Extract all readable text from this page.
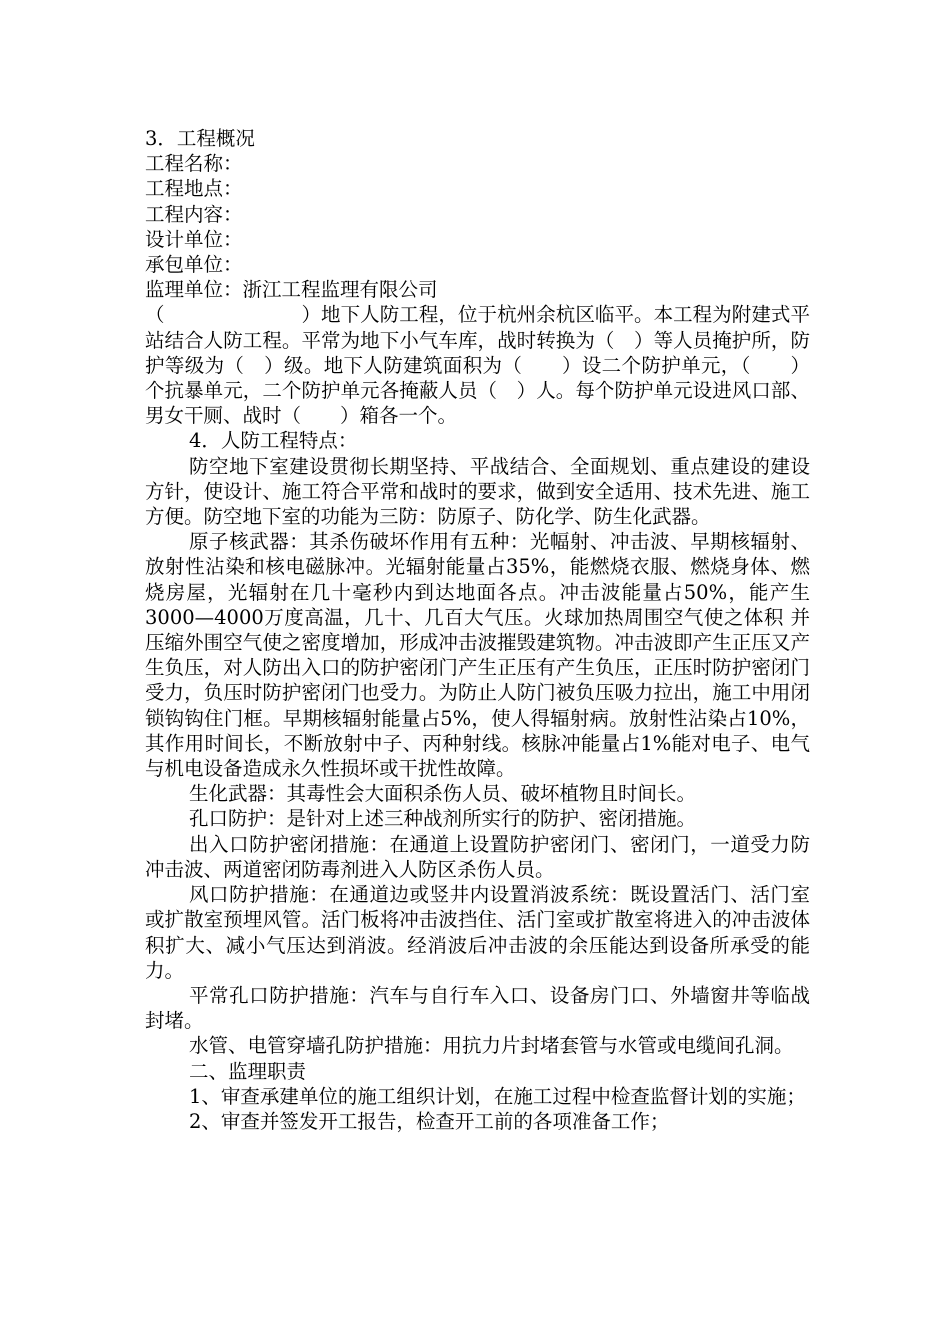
3．工程概况

工程名称：

工程地点：

工程内容：

设计单位：

承包单位：

监理单位：浙江工程监理有限公司

（　　　　　　　）地下人防工程，位于杭州余杭区临平。本工程为附建式平站结合人防工程。平常为地下小气车库，战时转换为（　）等人员掩护所，防护等级为（　）级。地下人防建筑面积为（　　）设二个防护单元，（　　）个抗暴单元，二个防护单元各掩蔽人员（　）人。每个防护单元设进风口部、男女干厕、战时（　　）箱各一个。

4．人防工程特点：

防空地下室建设贯彻长期坚持、平战结合、全面规划、重点建设的建设方针，使设计、施工符合平常和战时的要求，做到安全适用、技术先进、施工方便。防空地下室的功能为三防：防原子、防化学、防生化武器。

原子核武器：其杀伤破坏作用有五种：光幅射、冲击波、早期核辐射、放射性沾染和核电磁脉冲。光辐射能量占35%，能燃烧衣服、燃烧身体、燃烧房屋，光辐射在几十毫秒内到达地面各点。冲击波能量占50%，能产生3000—4000万度高温，几十、几百大气压。火球加热周围空气使之体积 并压缩外围空气使之密度增加，形成冲击波摧毁建筑物。冲击波即产生正压又产生负压，对人防出入口的防护密闭门产生正压有产生负压，正压时防护密闭门受力，负压时防护密闭门也受力。为防止人防门被负压吸力拉出，施工中用闭锁钩钩住门框。早期核辐射能量占5%，使人得辐射病。放射性沾染占10%，其作用时间长，不断放射中子、丙种射线。核脉冲能量占1%能对电子、电气与机电设备造成永久性损坏或干扰性故障。

生化武器：其毒性会大面积杀伤人员、破坏植物且时间长。

孔口防护：是针对上述三种战剂所实行的防护、密闭措施。

出入口防护密闭措施：在通道上设置防护密闭门、密闭门，一道受力防冲击波、两道密闭防毒剂进入人防区杀伤人员。

风口防护措施：在通道边或竖井内设置消波系统：既设置活门、活门室或扩散室预埋风管。活门板将冲击波挡住、活门室或扩散室将进入的冲击波体积扩大、减小气压达到消波。经消波后冲击波的余压能达到设备所承受的能力。

平常孔口防护措施：汽车与自行车入口、设备房门口、外墙窗井等临战封堵。

水管、电管穿墙孔防护措施：用抗力片封堵套管与水管或电缆间孔洞。

二、监理职责

1、审查承建单位的施工组织计划，在施工过程中检查监督计划的实施；

2、审查并签发开工报告，检查开工前的各项准备工作；
